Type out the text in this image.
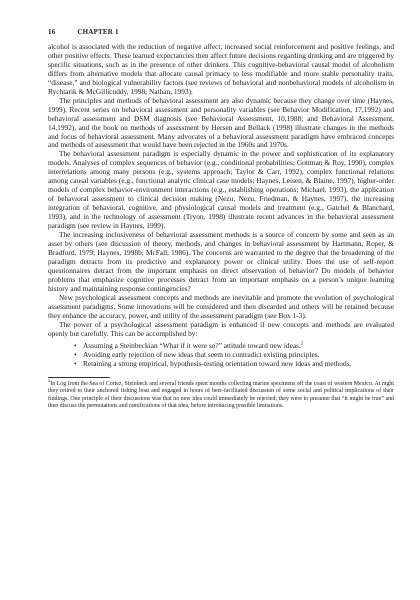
16	CHAPTER 1

alcohol is associated with the reduction of negative affect, increased social reinforcement and positive feelings, and other positive effects. These learned expectancies then affect future decisions regarding drinking and are triggered by specific situations, such as in the presence of other drinkers. This cognitive-behavioral causal model of alcoholism differs from alternative models that allocate causal primacy to less modifiable and more stable personality traits, “disease,” and biological vulnerability factors (see reviews of behavioral and nonbehavioral models of alcoholism in Rychtarik & McGillicuddy, 1998; Nathan, 1993).

The principles and methods of behavioral assessment are also dynamic because they change over time (Haynes, 1999). Recent series on behavioral assessment and personality variables (see Behavior Modification, 17,1992) and behavioral assessment and DSM diagnosis (see Behavioral Assessment, 10,1988; and Behavioral Assessment, 14,1992), and the book on methods of assessment by Hersen and Bellack (1998) illustrate changes in the methods and focus of behavioral assessment. Many advocates of a behavioral assessment paradigm have embraced concepts and methods of assessment that would have been rejected in the 1960s and 1970s.

The behavioral assessment paradigm is especially dynamic in the power and sophistication of its explanatory models. Analyses of complex sequences of behavior (e.g., conditional probabilities; Gottman & Roy, 1990), complex interrelations among many persons (e.g., systems approach; Taylor & Carr, 1992), complex functional relations among causal variables (e.g., functional analytic clinical case models; Haynes, Leisen, & Blaine, 1997), higher-order models of complex behavior-environment interactions (e.g., establishing operations; Michael, 1993), the application of behavioral assessment to clinical decision making (Nezu, Nezu, Friedman, & Haynes, 1997), the increasing integration of behavioral, cognitive, and physiological causal models and treatment (e.g., Gatchel & Blanchard, 1993), and in the technology of assessment (Tryon, 1998) illustrate recent advances in the behavioral assessment paradigm (see review in Haynes, 1999).

The increasing inclusiveness of behavioral assessment methods is a source of concern by some and seen as an asset by others (see discussion of theory, methods, and changes in behavioral assessment by Hartmann, Roper, & Bradford, 1979; Haynes, 1998b; McFall, 1986). The concerns are warranted to the degree that the broadening of the paradigm detracts from its predictive and explanatory power or clinical utility. Does the use of self-report questionnaires detract from the important emphasis on direct observation of behavior? Do models of behavior problems that emphasize cognitive processes detract from an important emphasis on a person’s unique learning history and maintaining response contingencies?

New psychological assessment concepts and methods are inevitable and promote the evolution of psychological assessment paradigms. Some innovations will be considered and then discarded and others will be retained because they enhance the accuracy, power, and utility of the assessment paradigm (see Box 1-3).

The power of a psychological assessment paradigm is enhanced if new concepts and methods are evaluated openly but carefully. This can be accomplished by:

• Assuming a Steinbeckian “What if it were so?” attitude toward new ideas.$^2$
• Avoiding early rejection of new ideas that seem to contradict existing principles.
• Retaining a strong empirical, hypothesis-testing orientation toward new ideas and methods.

$^2$In Log from the Sea of Cortez, Steinbeck and several friends spent months collecting marine specimens off the coast of western Mexico. At night they retired to their anchored fishing boat and engaged in hours of beer-facilitated discussion of some social and political implications of their findings. One principle of their discussions was that no new idea could immediately be rejected; they were to presume that “it might be true” and then discuss the permutations and ramifications of that idea, before introducing possible limitations.
